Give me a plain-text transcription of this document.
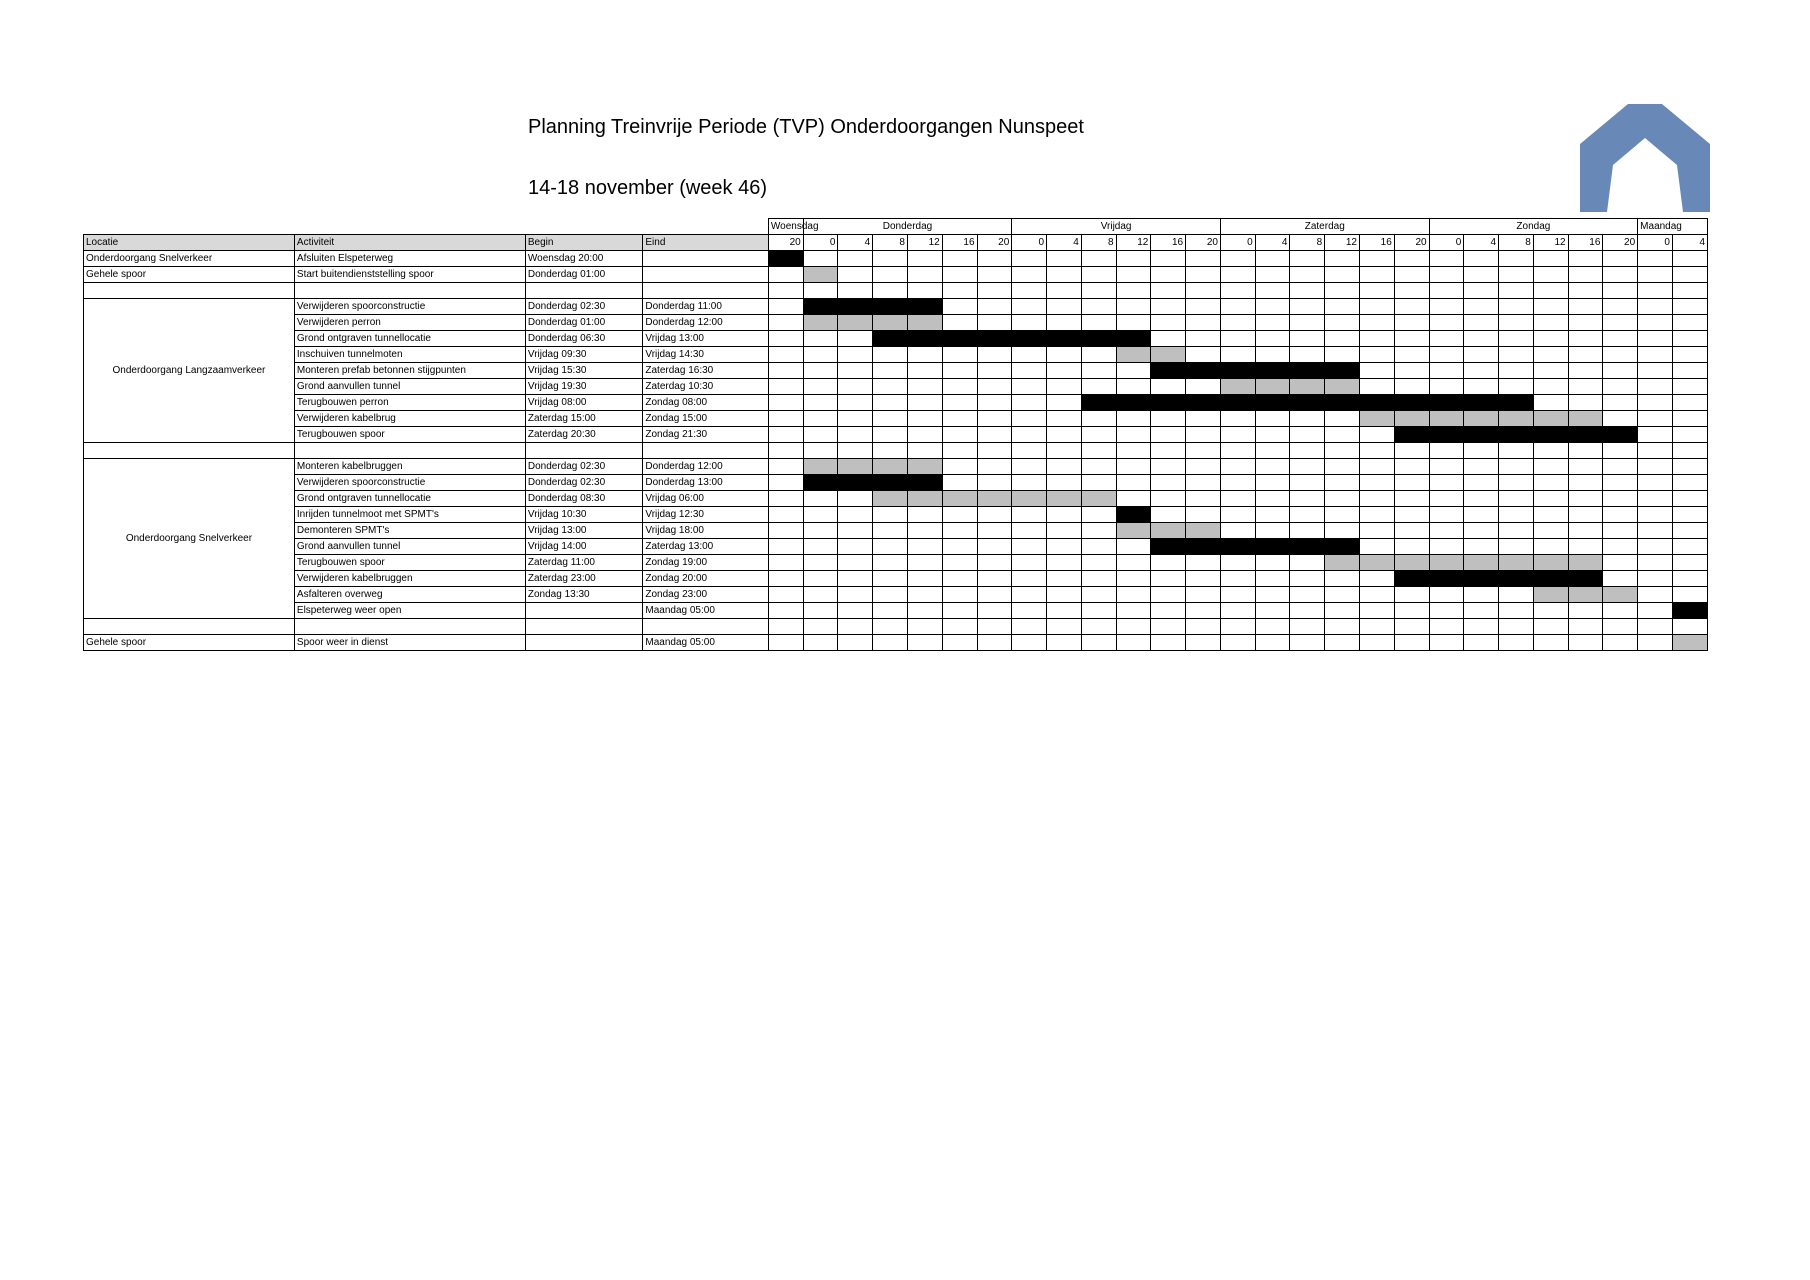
Planning Treinvrije Periode (TVP) Onderdoorgangen Nunspeet
14-18 november (week 46)
				Woensdag	Donderdag						Vrijdag						Zaterdag						Zondag						Maandag	
Locatie	Activiteit	Begin	Eind	20	0	4	8	12	16	20	0	4	8	12	16	20	0	4	8	12	16	20	0	4	8	12	16	20	0	4
Onderdoorgang Snelverkeer	Afsluiten Elspeterweg	Woensdag 20:00																												
Gehele spoor	Start buitendienststelling spoor	Donderdag 01:00																												

Onderdoorgang Langzaamverkeer	Verwijderen spoorconstructie	Donderdag 02:30	Donderdag 11:00																											
	Verwijderen perron	Donderdag 01:00	Donderdag 12:00																											
	Grond ontgraven tunnellocatie	Donderdag 06:30	Vrijdag 13:00																											
	Inschuiven tunnelmoten	Vrijdag 09:30	Vrijdag 14:30																											
	Monteren prefab betonnen stijgpunten	Vrijdag 15:30	Zaterdag 16:30																											
	Grond aanvullen tunnel	Vrijdag 19:30	Zaterdag 10:30																											
	Terugbouwen perron	Vrijdag 08:00	Zondag 08:00																											
	Verwijderen kabelbrug	Zaterdag 15:00	Zondag 15:00																											
	Terugbouwen spoor	Zaterdag 20:30	Zondag 21:30																											

Onderdoorgang Snelverkeer	Monteren kabelbruggen	Donderdag 02:30	Donderdag 12:00																											
	Verwijderen spoorconstructie	Donderdag 02:30	Donderdag 13:00																											
	Grond ontgraven tunnellocatie	Donderdag 08:30	Vrijdag 06:00																											
	Inrijden tunnelmoot met SPMT's	Vrijdag 10:30	Vrijdag 12:30																											
	Demonteren SPMT's	Vrijdag 13:00	Vrijdag 18:00																											
	Grond aanvullen tunnel	Vrijdag 14:00	Zaterdag 13:00																											
	Terugbouwen spoor	Zaterdag 11:00	Zondag 19:00																											
	Verwijderen kabelbruggen	Zaterdag 23:00	Zondag 20:00																											
	Asfalteren overweg	Zondag 13:30	Zondag 23:00																											
	Elspeterweg weer open		Maandag 05:00																											

Gehele spoor	Spoor weer in dienst		Maandag 05:00																											
